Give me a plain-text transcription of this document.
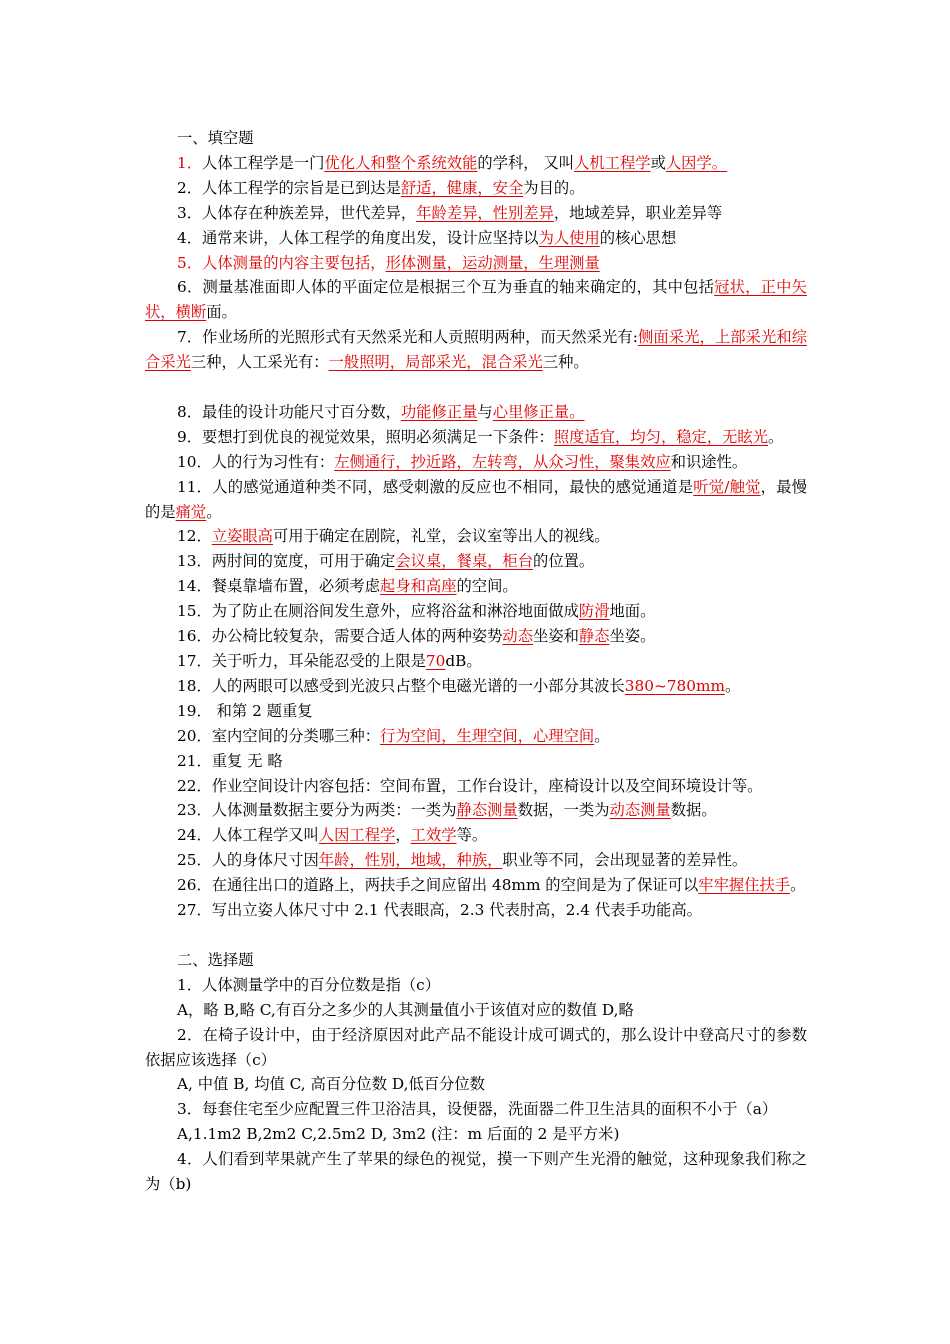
一、填空题
1．人体工程学是一门优化人和整个系统效能的学科， 又叫人机工程学或人因学。
2．人体工程学的宗旨是已到达是舒适，健康，安全为目的。
3．人体存在种族差异，世代差异，年龄差异，性别差异，地域差异，职业差异等
4．通常来讲，人体工程学的角度出发，设计应坚持以为人使用的核心思想
5．人体测量的内容主要包括，形体测量，运动测量，生理测量
6．测量基准面即人体的平面定位是根据三个互为垂直的轴来确定的，其中包括冠状，正中矢状，横断面。
7．作业场所的光照形式有天然采光和人贡照明两种，而天然采光有:侧面采光，上部采光和综合采光三种，人工采光有：一般照明，局部采光，混合采光三种。
8．最佳的设计功能尺寸百分数，功能修正量与心里修正量。
9．要想打到优良的视觉效果，照明必须满足一下条件：照度适宜，均匀，稳定，无眩光。
10．人的行为习性有：左侧通行，抄近路，左转弯，从众习性，聚集效应和识途性。
11．人的感觉通道种类不同，感受刺激的反应也不相同，最快的感觉通道是听觉/触觉，最慢的是痛觉。
12．立姿眼高可用于确定在剧院，礼堂，会议室等出人的视线。
13．两肘间的宽度，可用于确定会议桌，餐桌，柜台的位置。
14．餐桌靠墙布置，必须考虑起身和高座的空间。
15．为了防止在厕浴间发生意外，应将浴盆和淋浴地面做成防滑地面。
16．办公椅比较复杂，需要合适人体的两种姿势动态坐姿和静态坐姿。
17．关于听力，耳朵能忍受的上限是70dB。
18．人的两眼可以感受到光波只占整个电磁光谱的一小部分其波长380~780mm。
19． 和第 2 题重复
20．室内空间的分类哪三种：行为空间，生理空间，心理空间。
21．重复 无 略
22．作业空间设计内容包括：空间布置，工作台设计，座椅设计以及空间环境设计等。
23．人体测量数据主要分为两类：一类为静态测量数据，一类为动态测量数据。
24．人体工程学又叫人因工程学，工效学等。
25．人的身体尺寸因年龄，性别，地域，种族，职业等不同，会出现显著的差异性。
26．在通往出口的道路上，两扶手之间应留出 48mm 的空间是为了保证可以牢牢握住扶手。
27．写出立姿人体尺寸中 2.1 代表眼高，2.3 代表肘高，2.4 代表手功能高。
二、选择题
1．人体测量学中的百分位数是指（c）
A，略 B,略 C,有百分之多少的人其测量值小于该值对应的数值 D,略
2．在椅子设计中，由于经济原因对此产品不能设计成可调式的，那么设计中登高尺寸的参数依据应该选择（c）
A, 中值 B, 均值 C, 高百分位数 D,低百分位数
3．每套住宅至少应配置三件卫浴洁具，设便器，洗面器二件卫生洁具的面积不小于（a）
A,1.1m2 B,2m2 C,2.5m2 D, 3m2 (注：m 后面的 2 是平方米)
4．人们看到苹果就产生了苹果的绿色的视觉，摸一下则产生光滑的触觉，这种现象我们称之为（b)
